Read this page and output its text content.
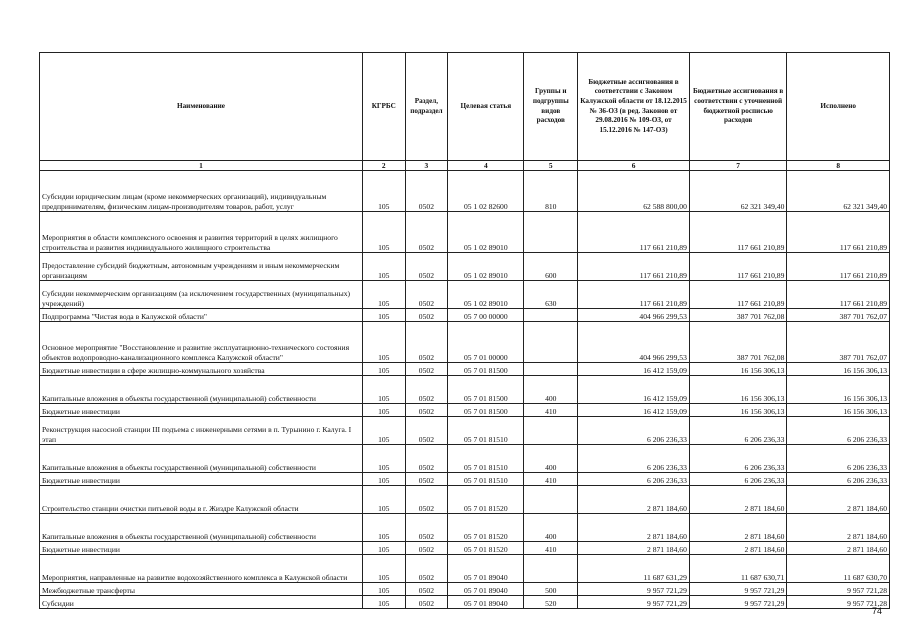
Наименование	КГРБС	Раздел, подраздел	Целевая статья	Группы и подгруппы видов расходов	Бюджетные ассигнования в соответствии с Законом Калужской области от 18.12.2015 № 36-ОЗ (в ред. Законов от 29.08.2016 № 109-ОЗ, от 15.12.2016 № 147-ОЗ)	Бюджетные ассигнования в соответствии с уточненной бюджетной росписью расходов	Исполнено
1	2	3	4	5	6	7	8
Субсидии юридическим лицам (кроме некоммерческих организаций), индивидуальным предпринимателям, физическим лицам-производителям товаров, работ, услуг	105	0502	05 1 02 82600	810	62 588 800,00	62 321 349,40	62 321 349,40
Мероприятия в области комплексного освоения и развития территорий в целях жилищного строительства и развития индивидуального жилищного строительства	105	0502	05 1 02 89010		117 661 210,89	117 661 210,89	117 661 210,89
Предоставление субсидий бюджетным, автономным учреждениям и иным некоммерческим организациям	105	0502	05 1 02 89010	600	117 661 210,89	117 661 210,89	117 661 210,89
Субсидии некоммерческим организациям (за исключением государственных (муниципальных) учреждений)	105	0502	05 1 02 89010	630	117 661 210,89	117 661 210,89	117 661 210,89
Подпрограмма "Чистая вода в Калужской области"	105	0502	05 7 00 00000		404 966 299,53	387 701 762,08	387 701 762,07
Основное мероприятие "Восстановление и развитие эксплуатационно-технического состояния объектов водопроводно-канализационного комплекса Калужской области"	105	0502	05 7 01 00000		404 966 299,53	387 701 762,08	387 701 762,07
Бюджетные инвестиции в сфере жилищно-коммунального хозяйства	105	0502	05 7 01 81500		16 412 159,09	16 156 306,13	16 156 306,13
Капитальные вложения в объекты государственной (муниципальной) собственности	105	0502	05 7 01 81500	400	16 412 159,09	16 156 306,13	16 156 306,13
Бюджетные инвестиции	105	0502	05 7 01 81500	410	16 412 159,09	16 156 306,13	16 156 306,13
Реконструкция насосной станции III подъема с инженерными сетями в п. Турынино г. Калуга. I этап	105	0502	05 7 01 81510		6 206 236,33	6 206 236,33	6 206 236,33
Капитальные вложения в объекты государственной (муниципальной) собственности	105	0502	05 7 01 81510	400	6 206 236,33	6 206 236,33	6 206 236,33
Бюджетные инвестиции	105	0502	05 7 01 81510	410	6 206 236,33	6 206 236,33	6 206 236,33
Строительство станции очистки питьевой воды в г. Жиздре Калужской области	105	0502	05 7 01 81520		2 871 184,60	2 871 184,60	2 871 184,60
Капитальные вложения в объекты государственной (муниципальной) собственности	105	0502	05 7 01 81520	400	2 871 184,60	2 871 184,60	2 871 184,60
Бюджетные инвестиции	105	0502	05 7 01 81520	410	2 871 184,60	2 871 184,60	2 871 184,60
Мероприятия, направленные на развитие водохозяйственного комплекса в Калужской области	105	0502	05 7 01 89040		11 687 631,29	11 687 630,71	11 687 630,70
Межбюджетные трансферты	105	0502	05 7 01 89040	500	9 957 721,29	9 957 721,29	9 957 721,28
Субсидии	105	0502	05 7 01 89040	520	9 957 721,29	9 957 721,29	9 957 721,28
74
